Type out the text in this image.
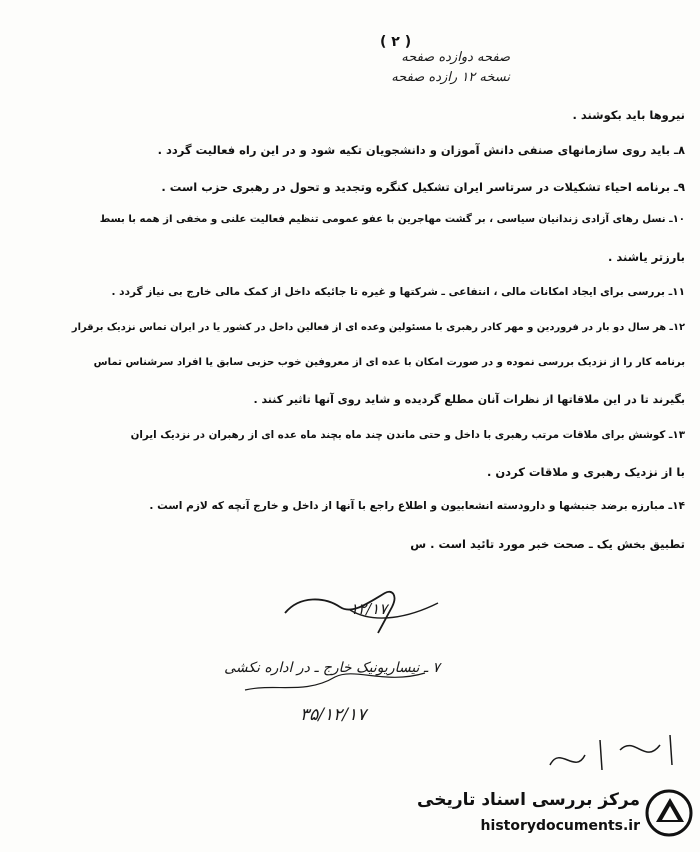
( ۲ )
صفحه دوازده صفحه
نسخه ۱۲ رازده صفحه
نیروها باید بکوشند .
۸ـ باید روی سازمانهای صنفی دانش آموزان و دانشجویان تکیه شود و در این راه فعالیت گردد .
۹ـ برنامه احیاء تشکیلات در سرتاسر ایران تشکیل کنگره وتجدید و تحول در رهبری حزب است .
۱۰ـ نسل رهای آزادی زندانیان سیاسی ، بر گشت مهاجرین با عفو عمومی تنظیم فعالیت علنی و مخفی از همه با بسط
بارزتر یاشند .
۱۱ـ بررسی برای ایجاد امکانات مالی ، انتفاعی ـ شرکتها و غیره تا جائیکه داخل از کمک مالی خارج بی نیاز گردد .
۱۲ـ هر سال دو بار در فروردین و مهر کادر رهبری با مسئولین وعده ای از فعالین داخل در کشور یا در ایران تماس نزدیک برقرار
برنامه کار را از نزدیک بررسی نموده و در صورت امکان با عده ای از معروفین خوب حزبی سابق یا افراد سرشناس تماس
بگیرند تا در این ملاقاتها از نظرات آنان مطلع گردیده و شاید روی آنها تاثیر کنند .
۱۳ـ کوشش برای ملاقات مرتب رهبری با داخل و حتی ماندن چند ماه بچند ماه عده ای از رهبران در نزدیک ایران
با از نزدیک رهبری و ملاقات کردن .
۱۴ـ مبارزه برضد جنبشها و دارودسته انشعابیون و اطلاع راجع با آنها از داخل و خارج آنچه که لازم است .
تطبیق بخش یک ـ صحت خبر مورد تائید است . س
۱۲/۱۷
۷ ـ نیساریونیک خارج ـ در اداره نکشی
۳۵/۱۲/۱۷
مرکز بررسی اسناد تاریخی
historydocuments.ir
